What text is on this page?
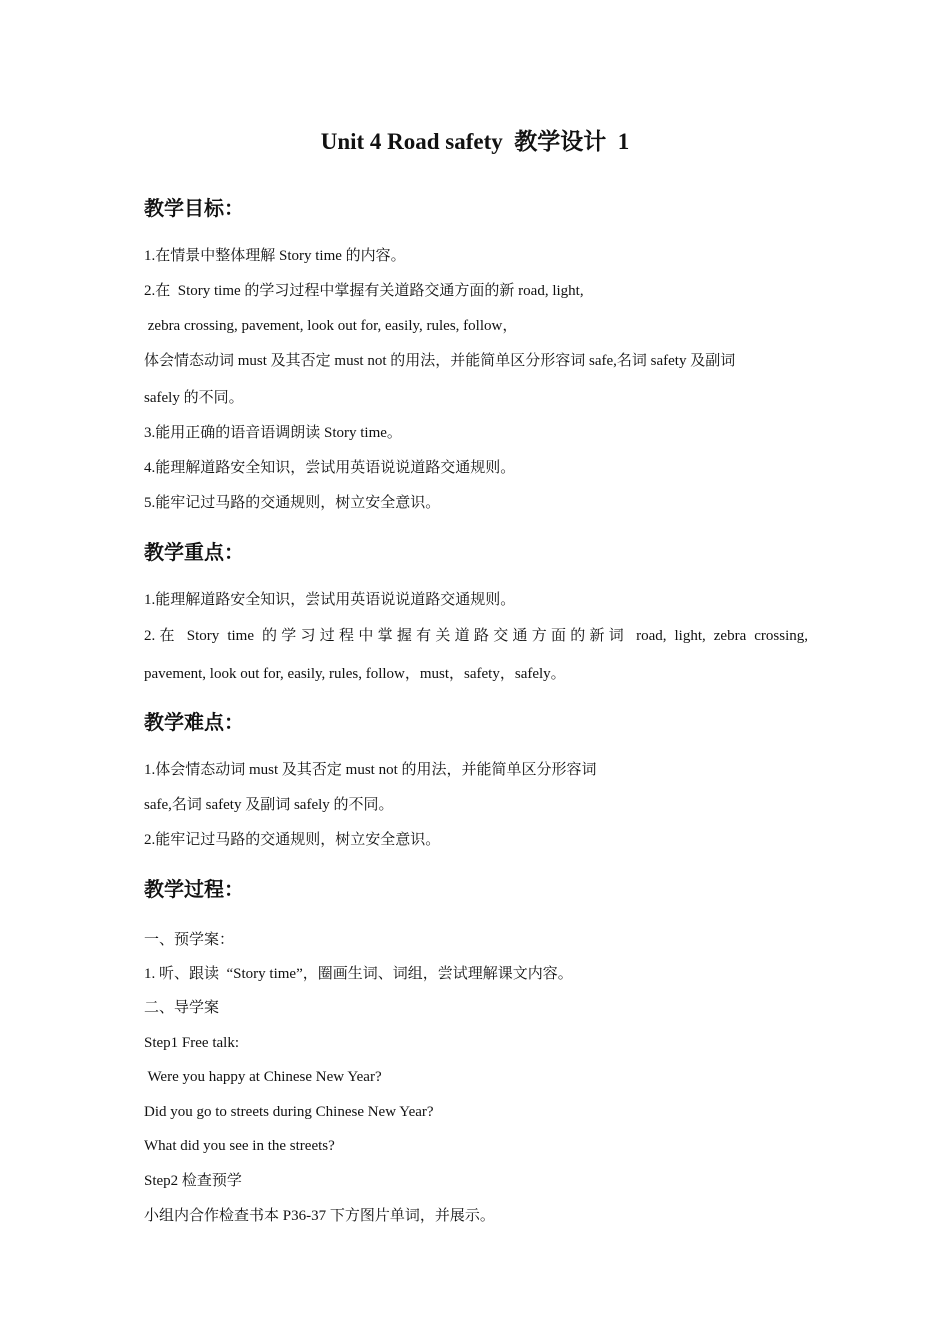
Unit 4 Road safety  教学设计  1
教学目标：
1.在情景中整体理解 Story time 的内容。
2.在  Story time 的学习过程中掌握有关道路交通方面的新 road, light,
zebra crossing, pavement, look out for, easily, rules, follow，
体会情态动词 must 及其否定 must not 的用法，并能简单区分形容词 safe,名词 safety 及副词
safely 的不同。
3.能用正确的语音语调朗读 Story time。
4.能理解道路安全知识，尝试用英语说说道路交通规则。
5.能牢记过马路的交通规则，树立安全意识。
教学重点：
1.能理解道路安全知识，尝试用英语说说道路交通规则。
2.在 Story time 的学习过程中掌握有关道路交通方面的新词 road, light, zebra crossing,
pavement, look out for, easily, rules, follow，must，safety，safely。
教学难点：
1.体会情态动词 must 及其否定 must not 的用法，并能简单区分形容词
safe,名词 safety 及副词 safely 的不同。
2.能牢记过马路的交通规则，树立安全意识。
教学过程：
一、预学案：
1. 听、跟读  “Story time”，圈画生词、词组，尝试理解课文内容。
二、导学案
Step1 Free talk:
Were you happy at Chinese New Year?
Did you go to streets during Chinese New Year?
What did you see in the streets?
Step2 检查预学
小组内合作检查书本 P36-37 下方图片单词，并展示。
